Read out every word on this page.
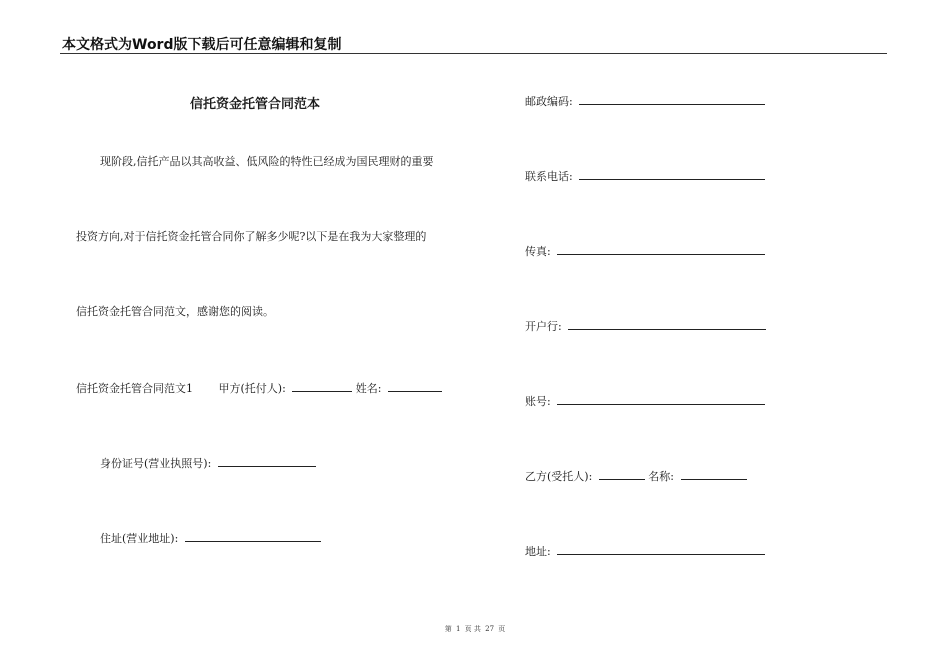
本文格式为Word版下载后可任意编辑和复制
信托资金托管合同范本
现阶段,信托产品以其高收益、低风险的特性已经成为国民理财的重要
投资方向,对于信托资金托管合同你了解多少呢?以下是在我为大家整理的
信托资金托管合同范文，感谢您的阅读。
信托资金托管合同范文1 甲方(托付人):	姓名:
身份证号(营业执照号):
住址(营业地址):
邮政编码:
联系电话:
传真:
开户行:
账号:
乙方(受托人):	名称:
地址:
第 1 页 共 27 页
